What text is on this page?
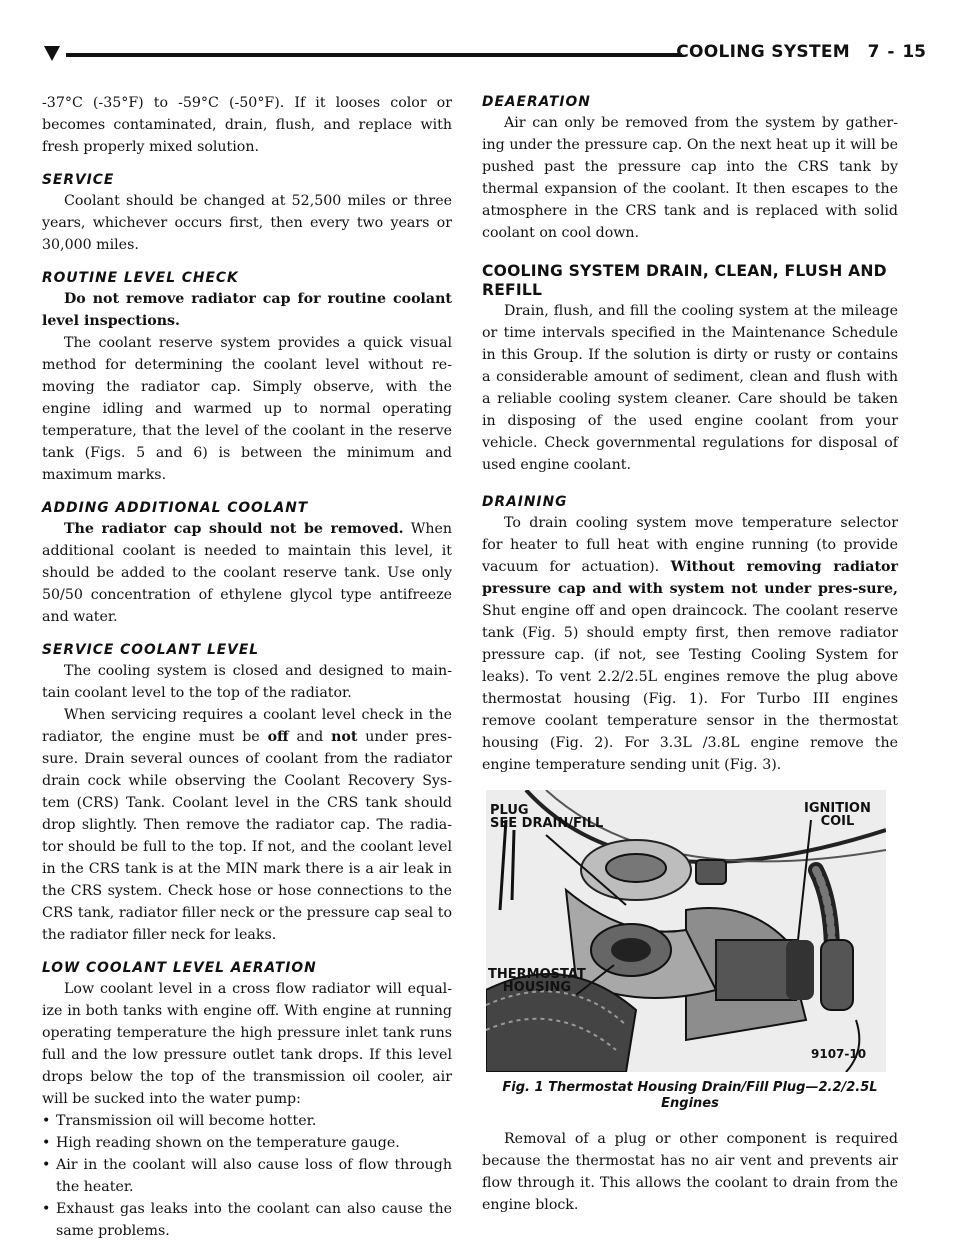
COOLING SYSTEM 7 - 15

-37°C (-35°F) to -59°C (-50°F). If it looses color or becomes contaminated, drain, flush, and replace with fresh properly mixed solution.

SERVICE

Coolant should be changed at 52,500 miles or three years, whichever occurs first, then every two years or 30,000 miles.

ROUTINE LEVEL CHECK

Do not remove radiator cap for routine coolant level inspections.

The coolant reserve system provides a quick visual method for determining the coolant level without re-moving the radiator cap. Simply observe, with the engine idling and warmed up to normal operating temperature, that the level of the coolant in the reserve tank (Figs. 5 and 6) is between the minimum and maximum marks.

ADDING ADDITIONAL COOLANT

The radiator cap should not be removed. When additional coolant is needed to maintain this level, it should be added to the coolant reserve tank. Use only 50/50 concentration of ethylene glycol type antifreeze and water.

SERVICE COOLANT LEVEL

The cooling system is closed and designed to main-tain coolant level to the top of the radiator.

When servicing requires a coolant level check in the radiator, the engine must be off and not under pres-sure. Drain several ounces of coolant from the radiator drain cock while observing the Coolant Recovery Sys-tem (CRS) Tank. Coolant level in the CRS tank should drop slightly. Then remove the radiator cap. The radia-tor should be full to the top. If not, and the coolant level in the CRS tank is at the MIN mark there is a air leak in the CRS system. Check hose or hose connections to the CRS tank, radiator filler neck or the pressure cap seal to the radiator filler neck for leaks.

LOW COOLANT LEVEL AERATION

Low coolant level in a cross flow radiator will equal-ize in both tanks with engine off. With engine at running operating temperature the high pressure inlet tank runs full and the low pressure outlet tank drops. If this level drops below the top of the transmission oil cooler, air will be sucked into the water pump:

• Transmission oil will become hotter.
• High reading shown on the temperature gauge.
• Air in the coolant will also cause loss of flow through the heater.
• Exhaust gas leaks into the coolant can also cause the same problems.
DEAERATION

Air can only be removed from the system by gather-ing under the pressure cap. On the next heat up it will be pushed past the pressure cap into the CRS tank by thermal expansion of the coolant. It then escapes to the atmosphere in the CRS tank and is replaced with solid coolant on cool down.

COOLING SYSTEM DRAIN, CLEAN, FLUSH AND REFILL

Drain, flush, and fill the cooling system at the mileage or time intervals specified in the Maintenance Schedule in this Group. If the solution is dirty or rusty or contains a considerable amount of sediment, clean and flush with a reliable cooling system cleaner. Care should be taken in disposing of the used engine coolant from your vehicle. Check governmental regulations for disposal of used engine coolant.

DRAINING

To drain cooling system move temperature selector for heater to full heat with engine running (to provide vacuum for actuation). Without removing radiator pressure cap and with system not under pres-sure, Shut engine off and open draincock. The coolant reserve tank (Fig. 5) should empty first, then remove radiator pressure cap. (if not, see Testing Cooling System for leaks). To vent 2.2/2.5L engines remove the plug above thermostat housing (Fig. 1). For Turbo III engines remove coolant temperature sensor in the thermostat housing (Fig. 2). For 3.3L /3.8L engine remove the engine temperature sending unit (Fig. 3).

PLUG
SEE DRAIN/FILL
IGNITION
COIL
THERMOSTAT
HOUSING
9107-10
Fig. 1 Thermostat Housing Drain/Fill Plug—2.2/2.5L Engines

Removal of a plug or other component is required because the thermostat has no air vent and prevents air flow through it. This allows the coolant to drain from the engine block.
